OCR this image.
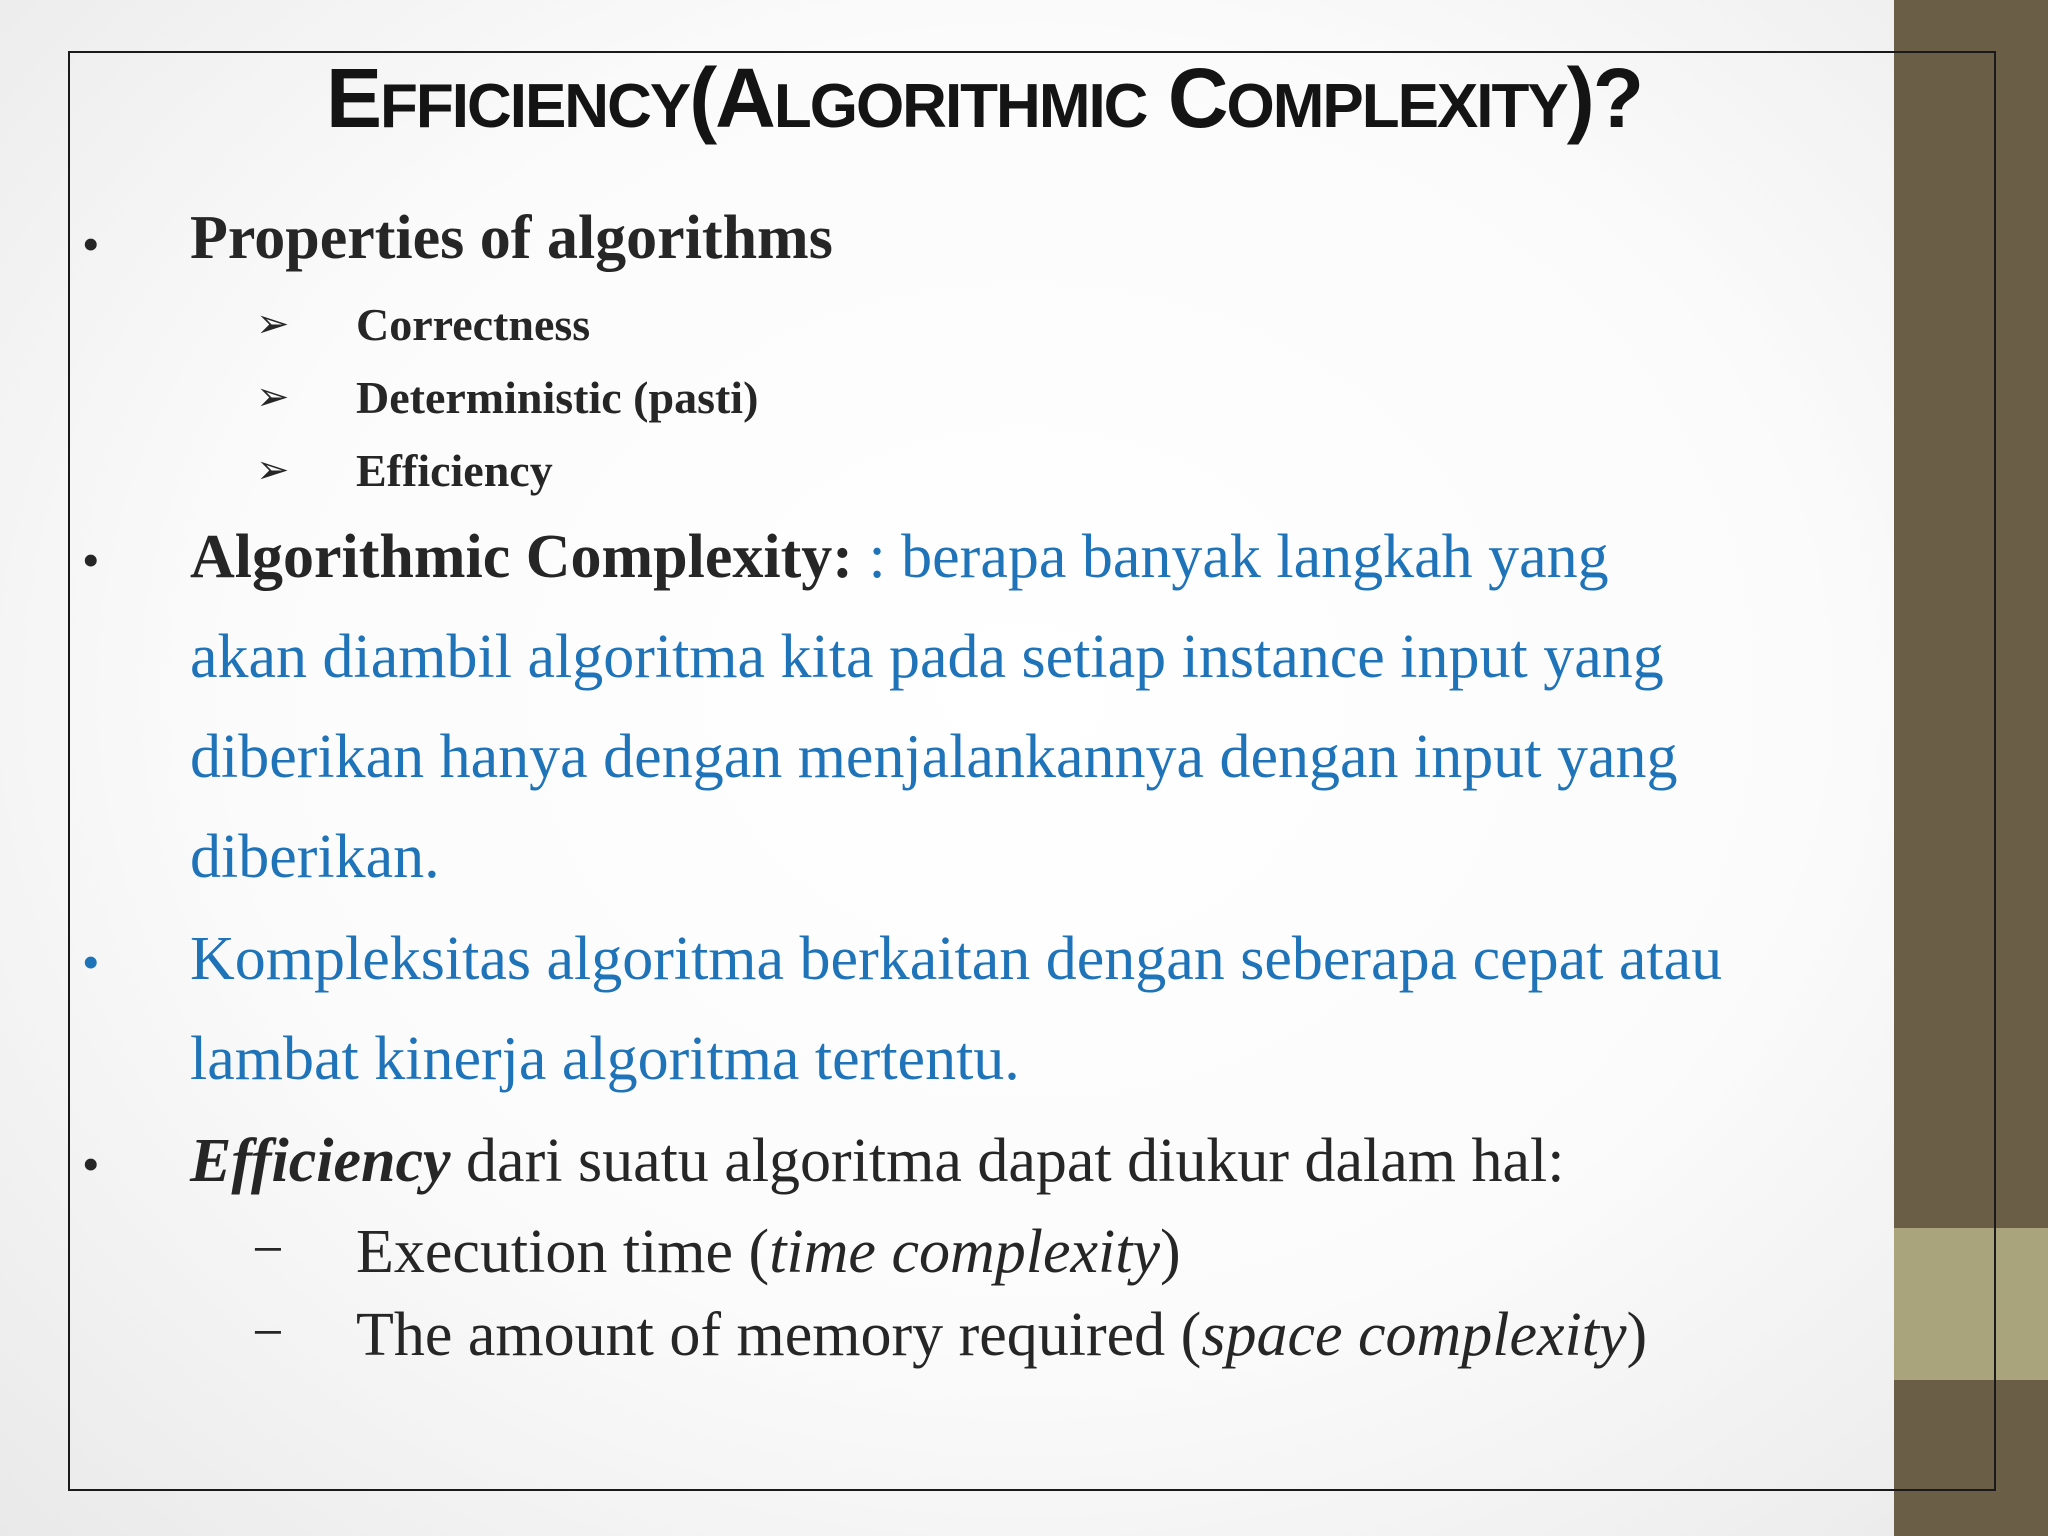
EFFICIENCY(ALGORITHMIC COMPLEXITY)?
• Properties of algorithms
➢ Correctness
➢ Deterministic (pasti)
➢ Efficiency
• Algorithmic Complexity: : berapa banyak langkah yang
akan diambil algoritma kita pada setiap instance input yang
diberikan hanya dengan menjalankannya dengan input yang
diberikan.
• Kompleksitas algoritma berkaitan dengan seberapa cepat atau
lambat kinerja algoritma tertentu.
• Efficiency dari suatu algoritma dapat diukur dalam hal:
− Execution time (time complexity)
− The amount of memory required (space complexity)
